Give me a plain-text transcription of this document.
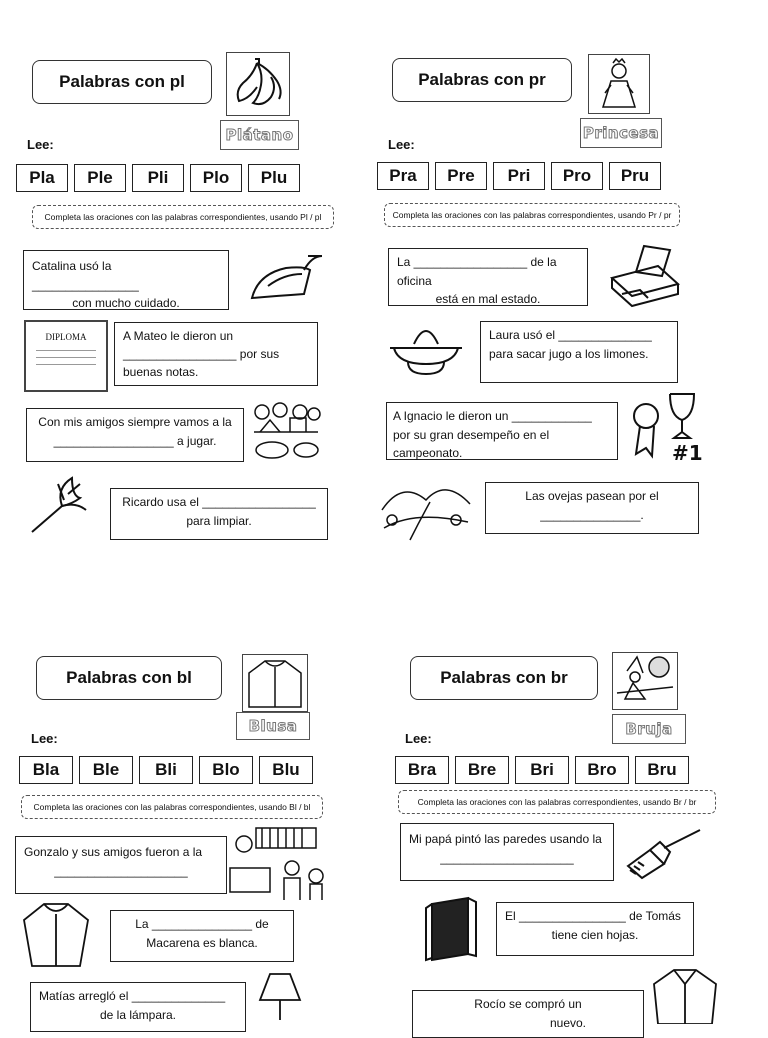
Palabras con pl
Plátano
Lee:
Pla	Ple	Pli	Plo	Plu
Completa las oraciones con las palabras correspondientes, usando Pl / pl

Catalina usó la ________________

con mucho cuidado.

DIPLOMA	A Mateo le dieron un

_________________ por sus

buenas notas.

Con mis amigos siempre vamos a la

__________________ a jugar.

Ricardo usa el _________________

para limpiar.

Palabras con pr
Princesa
Lee:
Pra	Pre	Pri	Pro	Pru
Completa las oraciones con las palabras correspondientes, usando Pr / pr

La _________________ de la oficina

está en mal estado.

Laura usó el ______________

para sacar jugo a los limones.

A Ignacio le dieron un ____________

por su gran desempeño en el campeonato.	#1

Las ovejas pasean por el

_______________.

Palabras con bl
Blusa
Lee:
Bla	Ble	Bli	Blo	Blu
Completa las oraciones con las palabras correspondientes, usando Bl / bl

Gonzalo y sus amigos fueron a la

____________________

La _______________ de

Macarena es blanca.

Matías arregló el ______________

de la lámpara.

Palabras con br
Bruja
Lee:
Bra	Bre	Bri	Bro	Bru
Completa las oraciones con las palabras correspondientes, usando Br / br

Mi papá pintó las paredes usando la

____________________

El ________________ de Tomás

tiene cien hojas.

Rocío se compró un

nuevo.
